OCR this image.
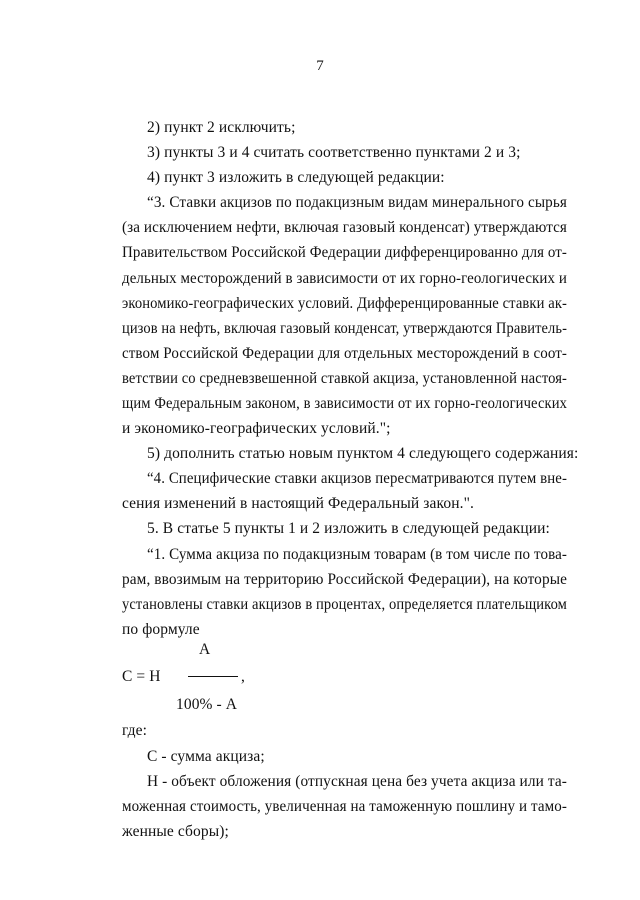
7
2) пункт 2 исключить;
3) пункты 3 и 4 считать соответственно пунктами 2 и 3;
4) пункт 3 изложить в следующей редакции:
“3. Ставки акцизов по подакцизным видам минерального сырья
(за исключением нефти, включая газовый конденсат) утверждаются
Правительством Российской Федерации дифференцированно для от-
дельных месторождений в зависимости от их горно-геологических и
экономико-географических условий. Дифференцированные ставки ак-
цизов на нефть, включая газовый конденсат, утверждаются Правитель-
ством Российской Федерации для отдельных месторождений в соот-
ветствии со средневзвешенной ставкой акциза, установленной настоя-
щим Федеральным законом, в зависимости от их горно-геологических
и экономико-географических условий.";
5) дополнить статью новым пунктом 4 следующего содержания:
“4. Специфические ставки акцизов пересматриваются путем вне-
сения изменений в настоящий Федеральный закон.".
5. В статье 5 пункты 1 и 2 изложить в следующей редакции:
“1. Сумма акциза по подакцизным товарам (в том числе по това-
рам, ввозимым на территорию Российской Федерации), на которые
установлены ставки акцизов в процентах, определяется плательщиком
по формуле
А
С = Н	,
100% - А
где:
С - сумма акциза;
Н - объект обложения (отпускная цена без учета акциза или та-
моженная стоимость, увеличенная на таможенную пошлину и тамо-
женные сборы);
